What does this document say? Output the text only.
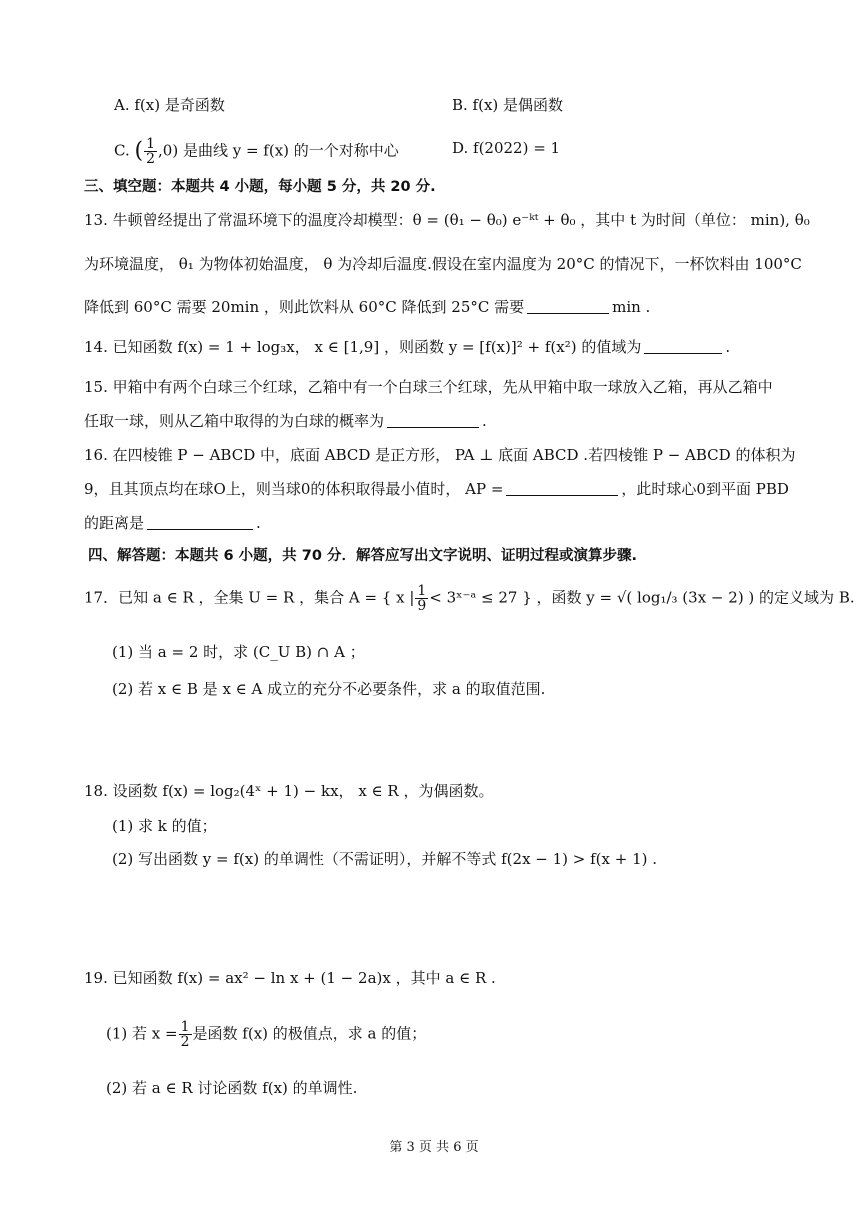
A. f(x) 是奇函数	B. f(x) 是偶函数
C. ( $\frac{1}{2} ,0$) 是曲线 y = f(x) 的一个对称中心	D. f(2022) = 1
三、填空题：本题共 4 小题，每小题 5 分，共 20 分.
13. 牛顿曾经提出了常温环境下的温度冷却模型：θ = (θ₁ − θ₀) e⁻ᵏᵗ + θ₀ ，其中 t 为时间（单位： min), θ₀
为环境温度， θ₁ 为物体初始温度， θ 为冷却后温度.假设在室内温度为 20°C 的情况下，一杯饮料由 100°C
降低到 60°C 需要 20min ，则此饮料从 60°C 降低到 25°C 需要	min .
14. 已知函数 f(x) = 1 + log₃x， x ∈ [1,9] ，则函数 y = [f(x)]² + f(x²) 的值域为	.
15. 甲箱中有两个白球三个红球，乙箱中有一个白球三个红球，先从甲箱中取一球放入乙箱，再从乙箱中
任取一球，则从乙箱中取得的为白球的概率为	.
16. 在四棱锥 P − ABCD 中，底面 ABCD 是正方形， PA ⊥ 底面 ABCD .若四棱锥 P − ABCD 的体积为
9，且其顶点均在球O上，则当球0的体积取得最小值时， AP =	，此时球心0到平面 PBD
的距离是	.
四、解答题：本题共 6 小题，共 70 分．解答应写出文字说明、证明过程或演算步骤.
17．已知 a ∈ R ，全集 U = R ，集合 A = { x | $\frac{1}{9}$ < 3ˣ⁻ᵃ ≤ 27 } ，函数 y = √( log₁/₃ (3x − 2) ) 的定义域为 B.
(1) 当 a = 2 时，求 (C_U B) ∩ A ；
(2) 若 x ∈ B 是 x ∈ A 成立的充分不必要条件，求 a 的取值范围.
18. 设函数 f(x) = log₂(4ˣ + 1) − kx， x ∈ R ，为偶函数。
(1) 求 k 的值；
(2) 写出函数 y = f(x) 的单调性（不需证明），并解不等式 f(2x − 1) > f(x + 1) .
19. 已知函数 f(x) = ax² − ln x + (1 − 2a)x ，其中 a ∈ R .
(1) 若 $x = \frac{1}{2}$ 是函数 f(x) 的极值点，求 a 的值；
(2) 若 a ∈ R 讨论函数 f(x) 的单调性.
第 3 页 共 6 页
